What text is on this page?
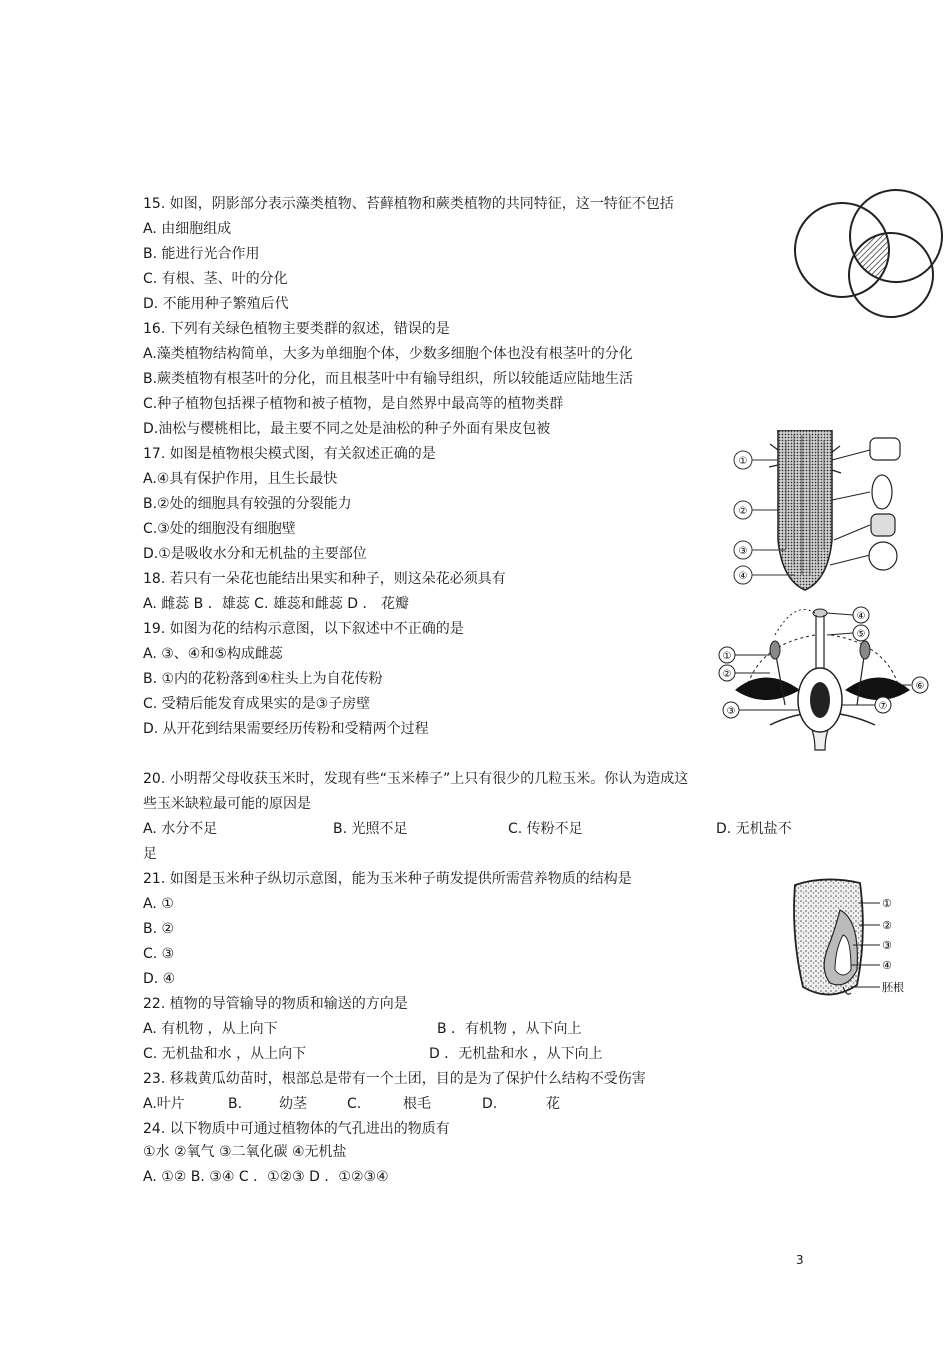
15. 如图，阴影部分表示藻类植物、苔藓植物和蕨类植物的共同特征，这一特征不包括
A. 由细胞组成
B. 能进行光合作用
C. 有根、茎、叶的分化
D. 不能用种子繁殖后代
16. 下列有关绿色植物主要类群的叙述，错误的是
A.藻类植物结构简单，大多为单细胞个体，少数多细胞个体也没有根茎叶的分化
B.蕨类植物有根茎叶的分化，而且根茎叶中有输导组织，所以较能适应陆地生活
C.种子植物包括裸子植物和被子植物，是自然界中最高等的植物类群
D.油松与樱桃相比，最主要不同之处是油松的种子外面有果皮包被
17. 如图是植物根尖模式图，有关叙述正确的是
A.④具有保护作用，且生长最快
B.②处的细胞具有较强的分裂能力
C.③处的细胞没有细胞壁
D.①是吸收水分和无机盐的主要部位
18. 若只有一朵花也能结出果实和种子，则这朵花必须具有
A. 雌蕊 B ．雄蕊 C. 雄蕊和雌蕊 D ． 花瓣
19. 如图为花的结构示意图，以下叙述中不正确的是
A. ③、④和⑤构成雌蕊
B. ①内的花粉落到④柱头上为自花传粉
C. 受精后能发育成果实的是③子房壁
D. 从开花到结果需要经历传粉和受精两个过程
20. 小明帮父母收获玉米时，发现有些“玉米棒子”上只有很少的几粒玉米。你认为造成这
些玉米缺粒最可能的原因是
A. 水分不足	B. 光照不足	C. 传粉不足	D. 无机盐不
足
21. 如图是玉米种子纵切示意图，能为玉米种子萌发提供所需营养物质的结构是
A. ①
B. ②
C. ③
D. ④
22. 植物的导管输导的物质和输送的方向是
A. 有机物 ，从上向下	B ．有机物 ，从下向上
C. 无机盐和水 ，从上向下	D ．无机盐和水 ，从下向上
23. 移栽黄瓜幼苗时，根部总是带有一个土团，目的是为了保护什么结构不受伤害
A.叶片	B.	幼茎	C.	根毛	D.	花
24. 以下物质中可通过植物体的气孔进出的物质有
①水 ②氧气 ③二氧化碳 ④无机盐
A. ①② B. ③④ C ．①②③ D ．①②③④
3
①
②
③
④
①
②
③
④
⑤
⑥
⑦
①
②
③
④
胚根
